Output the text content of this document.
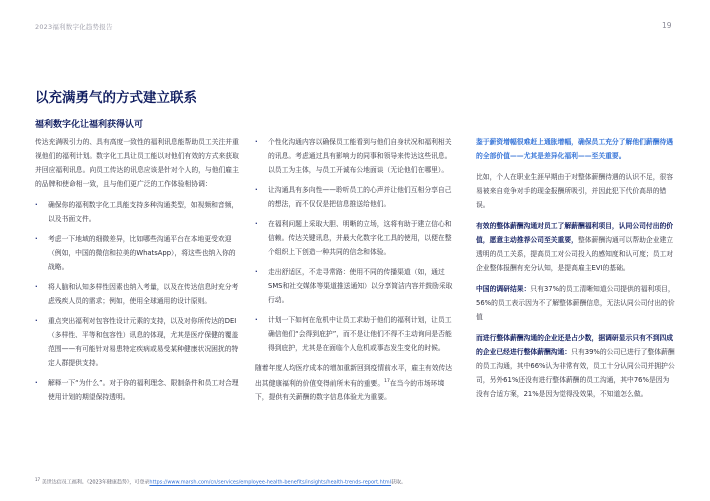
2023福利数字化趋势报告	19
以充满勇气的方式建立联系
福利数字化让福利获得认可

传达充满吸引力的、具有高度一致性的福利讯息能帮助员工关注并重视他们的福利计划。数字化工具让员工能以对他们有效的方式来获取并回应福利讯息。向员工传达的讯息应该是针对个人的，与他们雇主的品牌和使命相一致，且与他们更广泛的工作体验相协调：

· 确保你的福利数字化工具能支持多种沟通类型，如视频和音频，以及书面文件。
· 考虑一下地域的细微差异，比如哪些沟通平台在本地更受欢迎（例如，中国的微信和拉美的WhatsApp），将这些也纳入你的战略。
· 将人脑和认知多样性因素也纳入考量，以及在传达信息时充分考虑残疾人员的需求；例如，使用全球通用的设计原则。
· 重点突出福利对包容性设计元素的支持，以及对你所传达的DEI（多样性、平等和包容性）讯息的体现，尤其是医疗保健的覆盖范围——有可能针对易患特定疾病或易受某种健康状况困扰的特定人群提供支持。
· 解释一下“为什么”。对于你的福利理念、限制条件和员工对合理使用计划的期望保持透明。
· 个性化沟通内容以确保员工能看到与他们自身状况和福利相关的讯息。考虑通过具有影响力的同事和领导来传达这些讯息。以员工为主体，与员工开诚布公地面谈（无论他们在哪里）。
· 让沟通具有多向性——聆听员工的心声并让他们互相分享自己的想法，而不仅仅是把信息推送给他们。
· 在福利问题上采取大胆、明晰的立场，这将有助于建立信心和信赖。传达关键讯息，并最大化数字化工具的使用，以便在整个组织上下创造一种共同的信念和体验。
· 走出舒适区，不走寻常路：使用不同的传播渠道（如，通过SMS和社交媒体等渠道推送通知）以分享简洁内容并鼓励采取行动。
· 计划一下如何在危机中让员工求助于他们的福利计划，让员工确信他们“会得到庇护”，而不是让他们不得不主动询问是否能得到庇护，尤其是在面临个人危机或事态发生变化的时候。

随着年度人均医疗成本的增加重新回到疫情前水平，雇主有效传达出其健康福利的价值变得前所未有的重要。$^{17}$在当今的市场环境下，提供有关薪酬的数字信息体验尤为重要。

鉴于薪资增幅很难赶上通胀增幅，确保员工充分了解他们薪酬待遇的全部价值——尤其是差异化福利——至关重要。

比如，个人在职业生涯早期由于对整体薪酬待遇的认识不足，很容易被来自竞争对手的现金报酬所吸引，并因此犯下代价高昂的错误。

有效的整体薪酬沟通对员工了解薪酬福利项目，认同公司付出的价值，愿意主动推荐公司至关重要，整体薪酬沟通可以帮助企业建立透明的员工关系，提高员工对公司投入的感知度和认可度；员工对企业整体报酬有充分认知，是提高雇主EVI的基础。

中国的调研结果：只有37%的员工清晰知道公司提供的福利项目，56%的员工表示因为不了解整体薪酬信息，无法认同公司付出的价值

而进行整体薪酬沟通的企业还是占少数，据调研显示只有不到四成的企业已经进行整体薪酬沟通：只有39%的公司已进行了整体薪酬的员工沟通，其中66%认为非常有效，员工十分认同公司并拥护公司，另外61%还没有进行整体薪酬的员工沟通，其中76%是因为没有合适方案，21%是因为觉得没效果，不知道怎么做。

$^{17}$ 美世达信员工福利。《2023年健康趋势》，可登录https://www.marsh.com/cn/services/employee-health-benefits/insights/health-trends-report.html获取。
